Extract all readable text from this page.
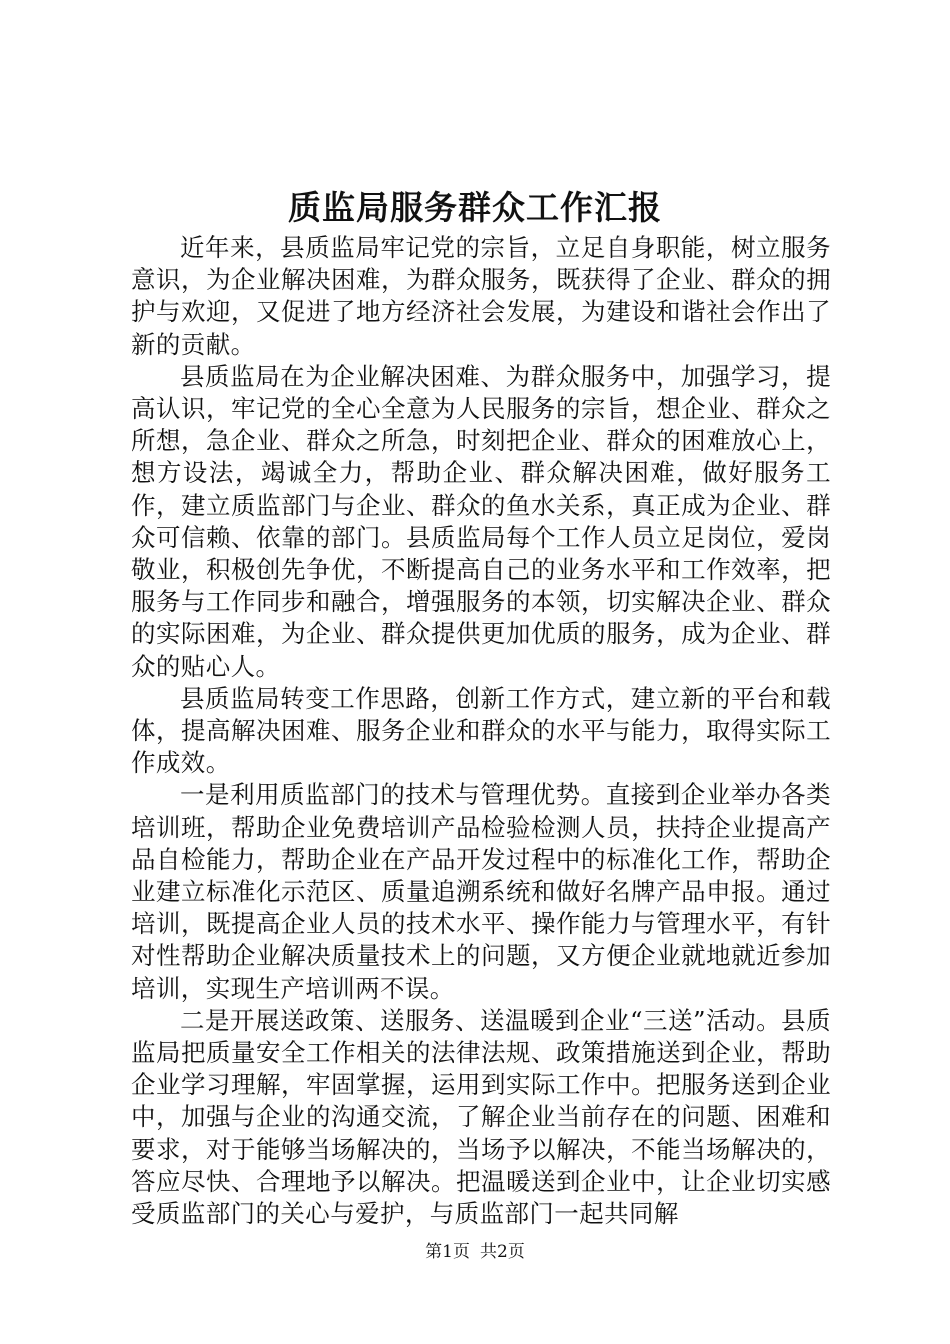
质监局服务群众工作汇报

近年来，县质监局牢记党的宗旨，立足自身职能，树立服务意识，为企业解决困难，为群众服务，既获得了企业、群众的拥护与欢迎，又促进了地方经济社会发展，为建设和谐社会作出了新的贡献。

县质监局在为企业解决困难、为群众服务中，加强学习，提高认识，牢记党的全心全意为人民服务的宗旨，想企业、群众之所想，急企业、群众之所急，时刻把企业、群众的困难放心上，想方设法，竭诚全力，帮助企业、群众解决困难，做好服务工作，建立质监部门与企业、群众的鱼水关系，真正成为企业、群众可信赖、依靠的部门。县质监局每个工作人员立足岗位，爱岗敬业，积极创先争优，不断提高自己的业务水平和工作效率，把服务与工作同步和融合，增强服务的本领，切实解决企业、群众的实际困难，为企业、群众提供更加优质的服务，成为企业、群众的贴心人。

县质监局转变工作思路，创新工作方式，建立新的平台和载体，提高解决困难、服务企业和群众的水平与能力，取得实际工作成效。

一是利用质监部门的技术与管理优势。直接到企业举办各类培训班，帮助企业免费培训产品检验检测人员，扶持企业提高产品自检能力，帮助企业在产品开发过程中的标准化工作，帮助企业建立标准化示范区、质量追溯系统和做好名牌产品申报。通过培训，既提高企业人员的技术水平、操作能力与管理水平，有针对性帮助企业解决质量技术上的问题，又方便企业就地就近参加培训，实现生产培训两不误。

二是开展送政策、送服务、送温暖到企业“三送”活动。县质监局把质量安全工作相关的法律法规、政策措施送到企业，帮助企业学习理解，牢固掌握，运用到实际工作中。把服务送到企业中，加强与企业的沟通交流，了解企业当前存在的问题、困难和要求，对于能够当场解决的，当场予以解决，不能当场解决的，答应尽快、合理地予以解决。把温暖送到企业中，让企业切实感受质监部门的关心与爱护，与质监部门一起共同解

第1页 共2页
